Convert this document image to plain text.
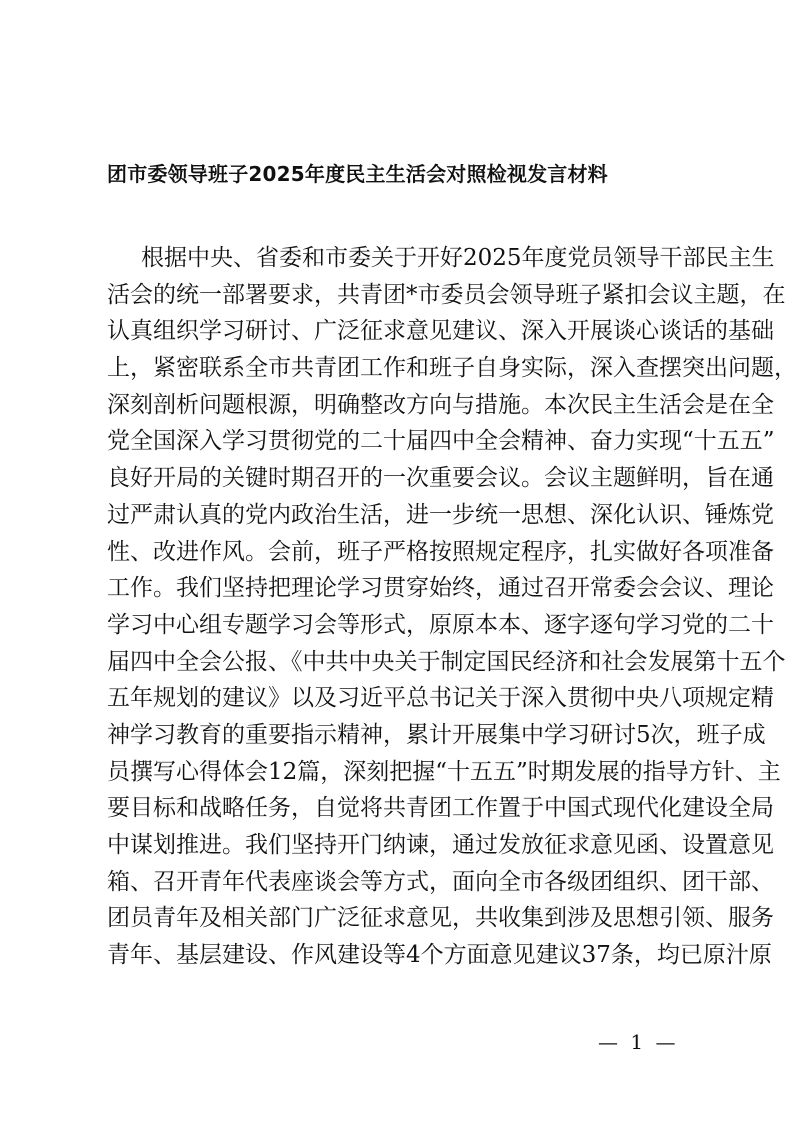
团市委领导班子2025年度民主生活会对照检视发言材料
根据中央、省委和市委关于开好2025年度党员领导干部民主生
活会的统一部署要求，共青团*市委员会领导班子紧扣会议主题，在
认真组织学习研讨、广泛征求意见建议、深入开展谈心谈话的基础
上，紧密联系全市共青团工作和班子自身实际，深入查摆突出问题，
深刻剖析问题根源，明确整改方向与措施。本次民主生活会是在全
党全国深入学习贯彻党的二十届四中全会精神、奋力实现“十五五”
良好开局的关键时期召开的一次重要会议。会议主题鲜明，旨在通
过严肃认真的党内政治生活，进一步统一思想、深化认识、锤炼党
性、改进作风。会前，班子严格按照规定程序，扎实做好各项准备
工作。我们坚持把理论学习贯穿始终，通过召开常委会会议、理论
学习中心组专题学习会等形式，原原本本、逐字逐句学习党的二十
届四中全会公报、《中共中央关于制定国民经济和社会发展第十五个
五年规划的建议》以及习近平总书记关于深入贯彻中央八项规定精
神学习教育的重要指示精神，累计开展集中学习研讨5次，班子成
员撰写心得体会12篇，深刻把握“十五五”时期发展的指导方针、主
要目标和战略任务，自觉将共青团工作置于中国式现代化建设全局
中谋划推进。我们坚持开门纳谏，通过发放征求意见函、设置意见
箱、召开青年代表座谈会等方式，面向全市各级团组织、团干部、
团员青年及相关部门广泛征求意见，共收集到涉及思想引领、服务
青年、基层建设、作风建设等4个方面意见建议37条，均已原汁原
— 1 —
